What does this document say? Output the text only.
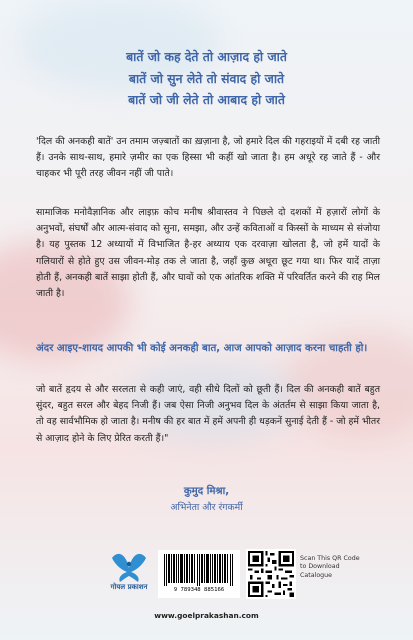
बातें जो कह देते तो आज़ाद हो जाते
बातें जो सुन लेते तो संवाद हो जाते
बातें जो जी लेते तो आबाद हो जाते
'दिल की अनकही बातें' उन तमाम जज़्बातों का ख़ज़ाना है, जो हमारे दिल की गहराइयों में दबी रह जाती हैं। उनके साथ-साथ, हमारे ज़मीर का एक हिस्सा भी कहीं खो जाता है। हम अधूरे रह जाते हैं - और चाहकर भी पूरी तरह जीवन नहीं जी पाते।
सामाजिक मनोवैज्ञानिक और लाइफ़ कोच मनीष श्रीवास्तव ने पिछले दो दशकों में हज़ारों लोगों के अनुभवों, संघर्षों और आत्म-संवाद को सुना, समझा, और उन्हें कविताओं व किस्सों के माध्यम से संजोया है। यह पुस्तक 12 अध्यायों में विभाजित है-हर अध्याय एक दरवाज़ा खोलता है, जो हमें यादों के गलियारों से होते हुए उस जीवन-मोड़ तक ले जाता है, जहाँ कुछ अधूरा छूट गया था। फिर यादें ताज़ा होती हैं, अनकही बातें साझा होती हैं, और घावों को एक आंतरिक शक्ति में परिवर्तित करने की राह मिल जाती है।
अंदर आइए-शायद आपकी भी कोई अनकही बात, आज आपको आज़ाद करना चाहती हो।
जो बातें हृदय से और सरलता से कही जाएं, वही सीधे दिलों को छूती हैं। दिल की अनकही बातें बहुत सुंदर, बहुत सरल और बेहद निजी हैं। जब ऐसा निजी अनुभव दिल के अंतर्तम से साझा किया जाता है, तो वह सार्वभौमिक हो जाता है। मनीष की हर बात में हमें अपनी ही धड़कनें सुनाई देती हैं - जो हमें भीतर से आज़ाद होने के लिए प्रेरित करती हैं।"
कुमुद मिश्रा,
अभिनेता और रंगकर्मी
गोयल प्रकाशन	9 789348 885166
Scan This QR Code to Download Catalogue
www.goelprakashan.com
